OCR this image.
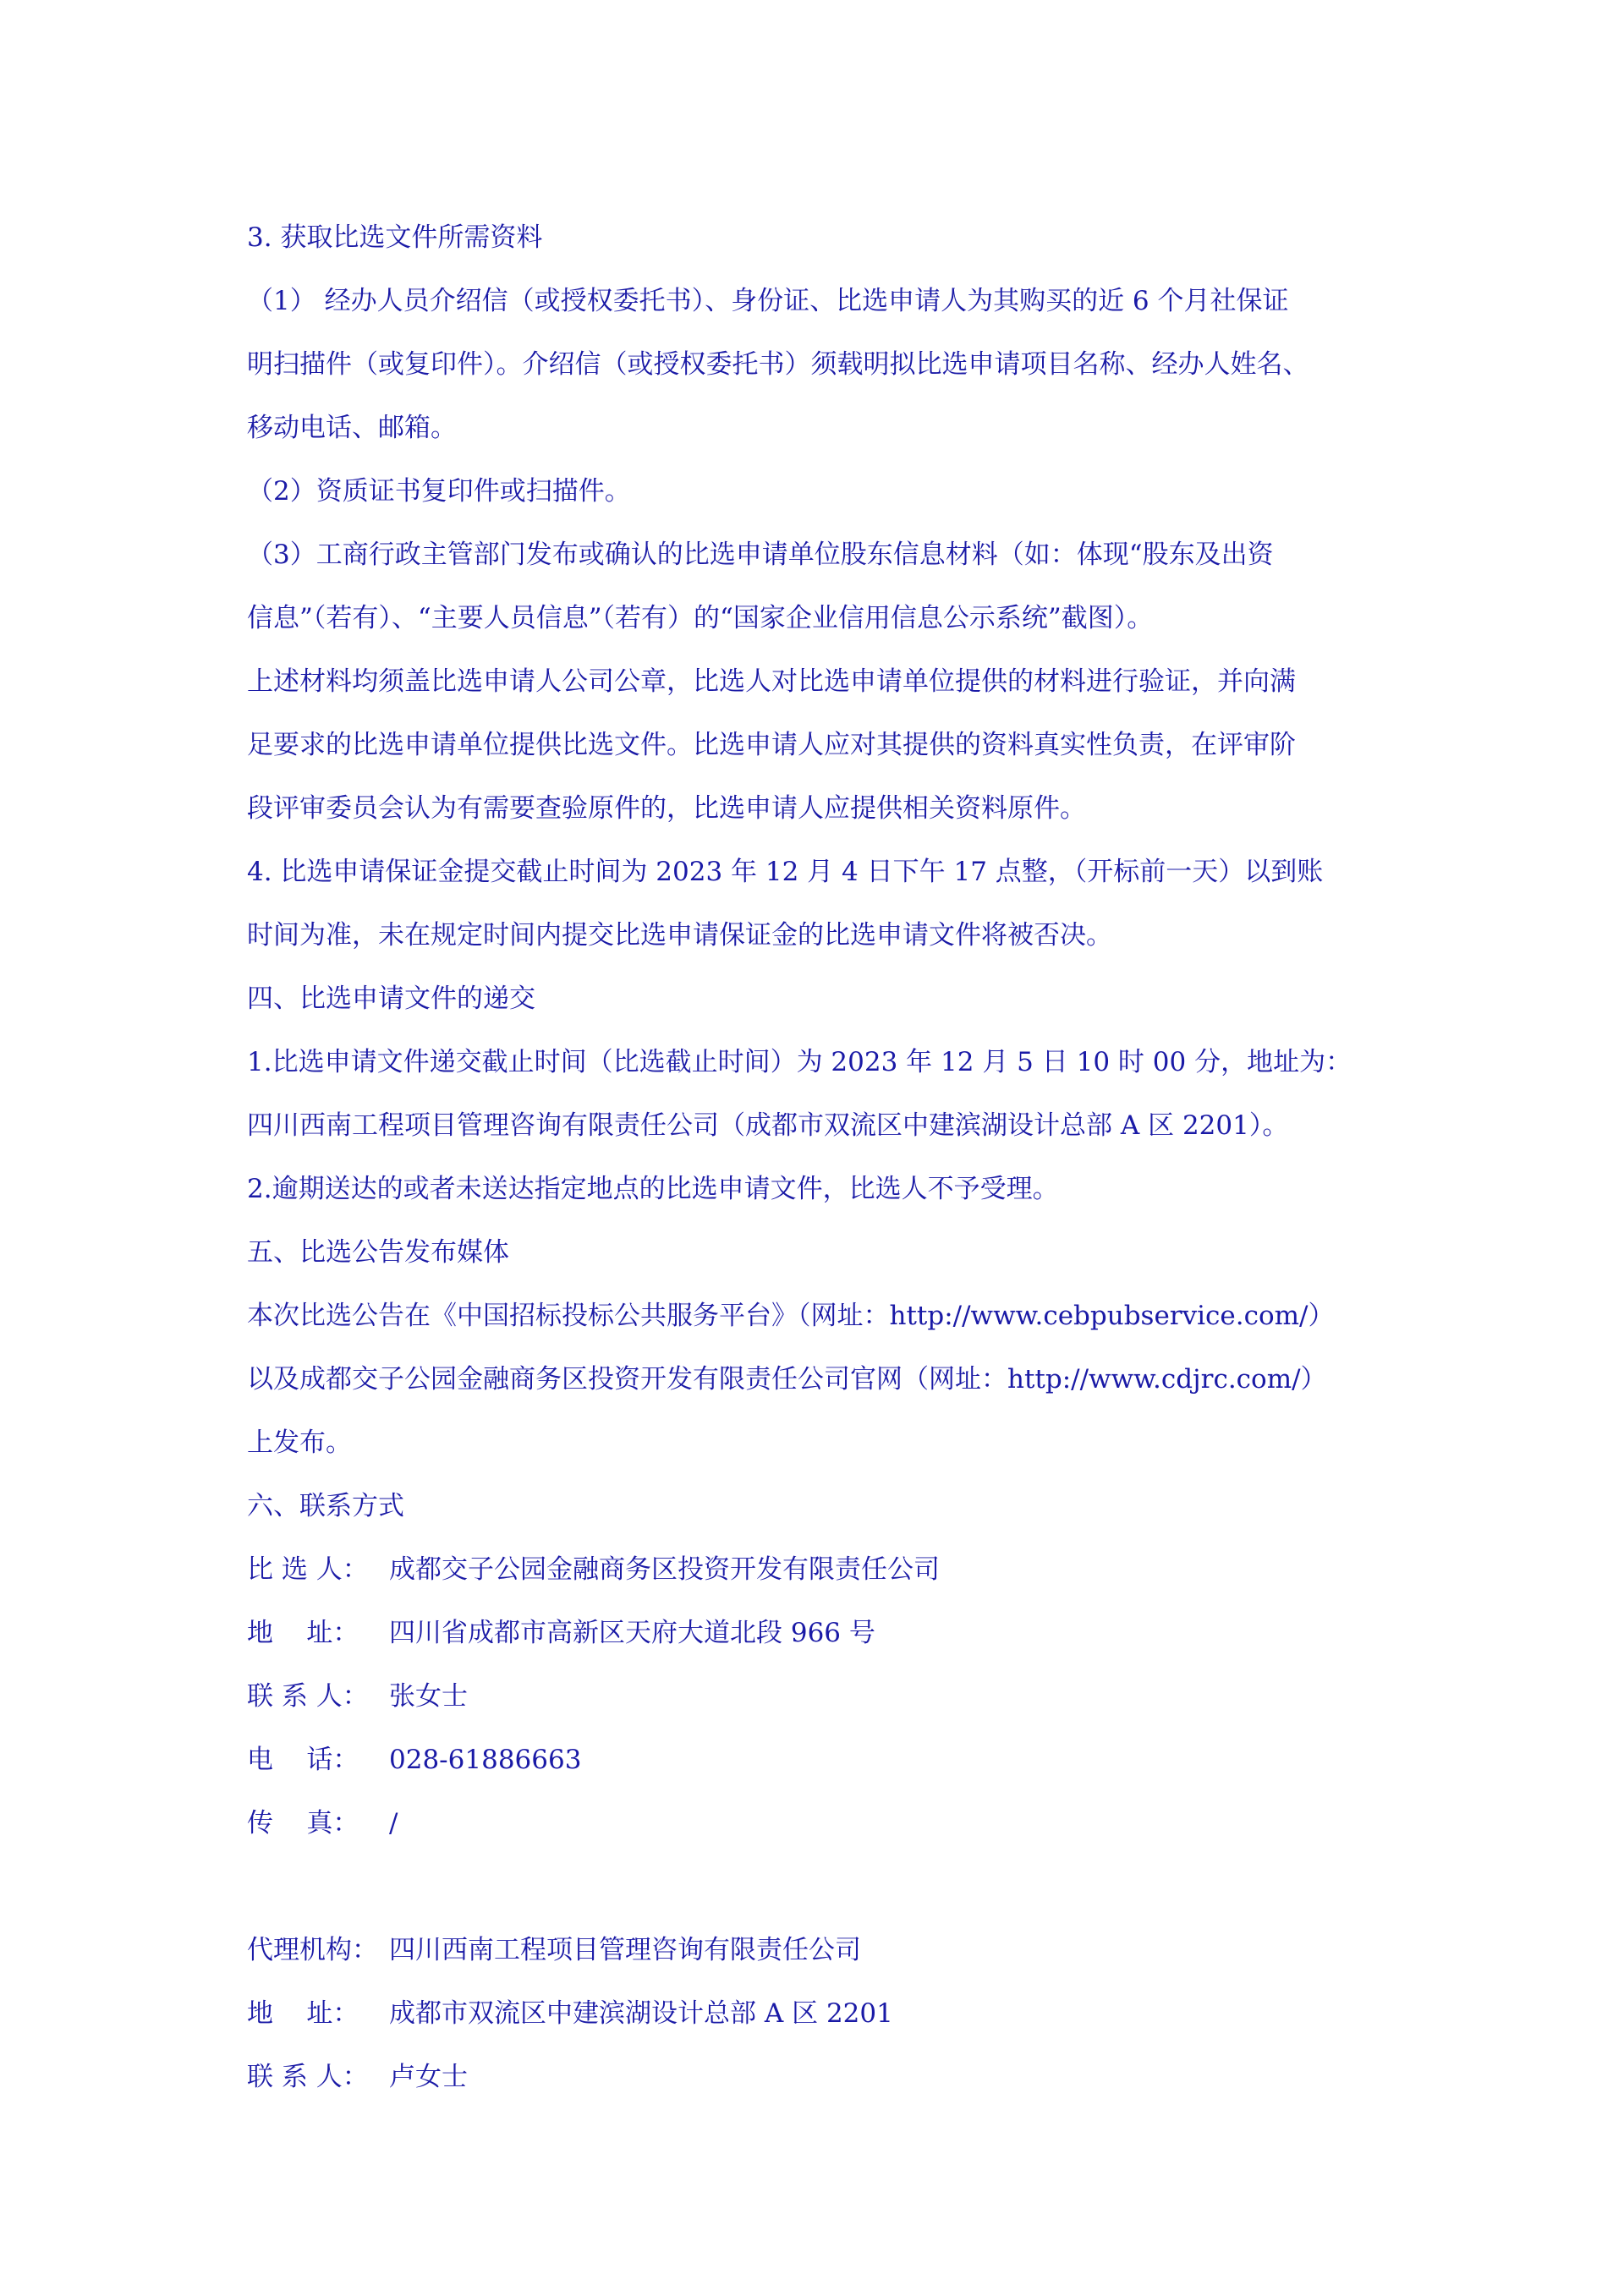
3. 获取比选文件所需资料
（1） 经办人员介绍信（或授权委托书）、身份证、比选申请人为其购买的近 6 个月社保证
明扫描件（或复印件）。介绍信（或授权委托书）须载明拟比选申请项目名称、经办人姓名、
移动电话、邮箱。
（2）资质证书复印件或扫描件。
（3）工商行政主管部门发布或确认的比选申请单位股东信息材料（如：体现“股东及出资
信息”（若有）、“主要人员信息”（若有）的“国家企业信用信息公示系统”截图）。
上述材料均须盖比选申请人公司公章，比选人对比选申请单位提供的材料进行验证，并向满
足要求的比选申请单位提供比选文件。比选申请人应对其提供的资料真实性负责，在评审阶
段评审委员会认为有需要查验原件的，比选申请人应提供相关资料原件。
4. 比选申请保证金提交截止时间为 2023 年 12 月 4 日下午 17 点整，（开标前一天）以到账
时间为准，未在规定时间内提交比选申请保证金的比选申请文件将被否决。
四、比选申请文件的递交
1.比选申请文件递交截止时间（比选截止时间）为 2023 年 12 月 5 日 10 时 00 分，地址为：
四川西南工程项目管理咨询有限责任公司（成都市双流区中建滨湖设计总部 A 区 2201）。
2.逾期送达的或者未送达指定地点的比选申请文件，比选人不予受理。
五、比选公告发布媒体
本次比选公告在《中国招标投标公共服务平台》（网址：http://www.cebpubservice.com/）
以及成都交子公园金融商务区投资开发有限责任公司官网（网址：http://www.cdjrc.com/）
上发布。
六、联系方式
比 选 人： 成都交子公园金融商务区投资开发有限责任公司
地    址：	四川省成都市高新区天府大道北段 966 号
联 系 人： 张女士
电    话：	028-61886663
传    真：	/
代理机构： 四川西南工程项目管理咨询有限责任公司
地    址：	成都市双流区中建滨湖设计总部 A 区 2201
联 系 人： 卢女士
